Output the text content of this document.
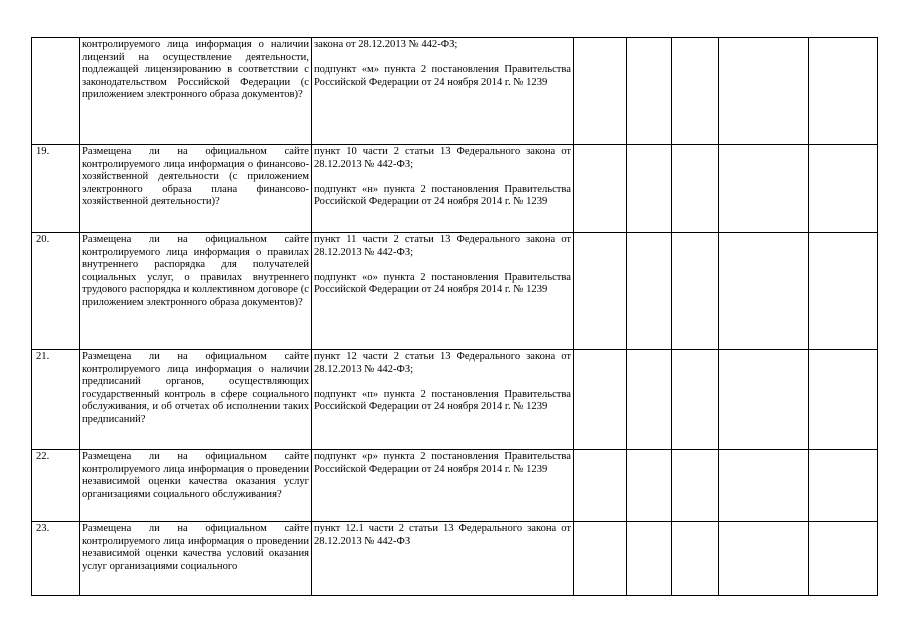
	контролируемого лица информация о наличии лицензий на осуществление деятельности, подлежащей лицензированию в соответствии с законодательством Российской Федерации (с приложением электронного образа документов)?	закона от 28.12.2013 № 442-ФЗ;
подпункт «м» пункта 2 постановления Правительства Российской Федерации от 24 ноября 2014 г. № 1239					

19.	Размещена ли на официальном сайте контролируемого лица информация о финансово-хозяйственной деятельности (с приложением электронного образа плана финансово-хозяйственной деятельности)?	пункт 10 части 2 статьи 13 Федерального закона от 28.12.2013 № 442-ФЗ;
подпункт «н» пункта 2 постановления Правительства Российской Федерации от 24 ноября 2014 г. № 1239					

20.	Размещена ли на официальном сайте контролируемого лица информация о правилах внутреннего распорядка для получателей социальных услуг, о правилах внутреннего трудового распорядка и коллективном договоре (с приложением электронного образа документов)?	пункт 11 части 2 статьи 13 Федерального закона от 28.12.2013 № 442-ФЗ;
подпункт «о» пункта 2 постановления Правительства Российской Федерации от 24 ноября 2014 г. № 1239					

21.	Размещена ли на официальном сайте контролируемого лица информация о наличии предписаний органов, осуществляющих государственный контроль в сфере социального обслуживания, и об отчетах об исполнении таких предписаний?	пункт 12 части 2 статьи 13 Федерального закона от 28.12.2013 № 442-ФЗ;
подпункт «п» пункта 2 постановления Правительства Российской Федерации от 24 ноября 2014 г. № 1239					

22.	Размещена ли на официальном сайте контролируемого лица информация о проведении независимой оценки качества оказания услуг организациями социального обслуживания?	подпункт «р» пункта 2 постановления Правительства Российской Федерации от 24 ноября 2014 г. № 1239					

23.	Размещена ли на официальном сайте контролируемого лица информация о проведении независимой оценки качества условий оказания услуг организациями социального	пункт 12.1 части 2 статьи 13 Федерального закона от 28.12.2013 № 442-ФЗ					
